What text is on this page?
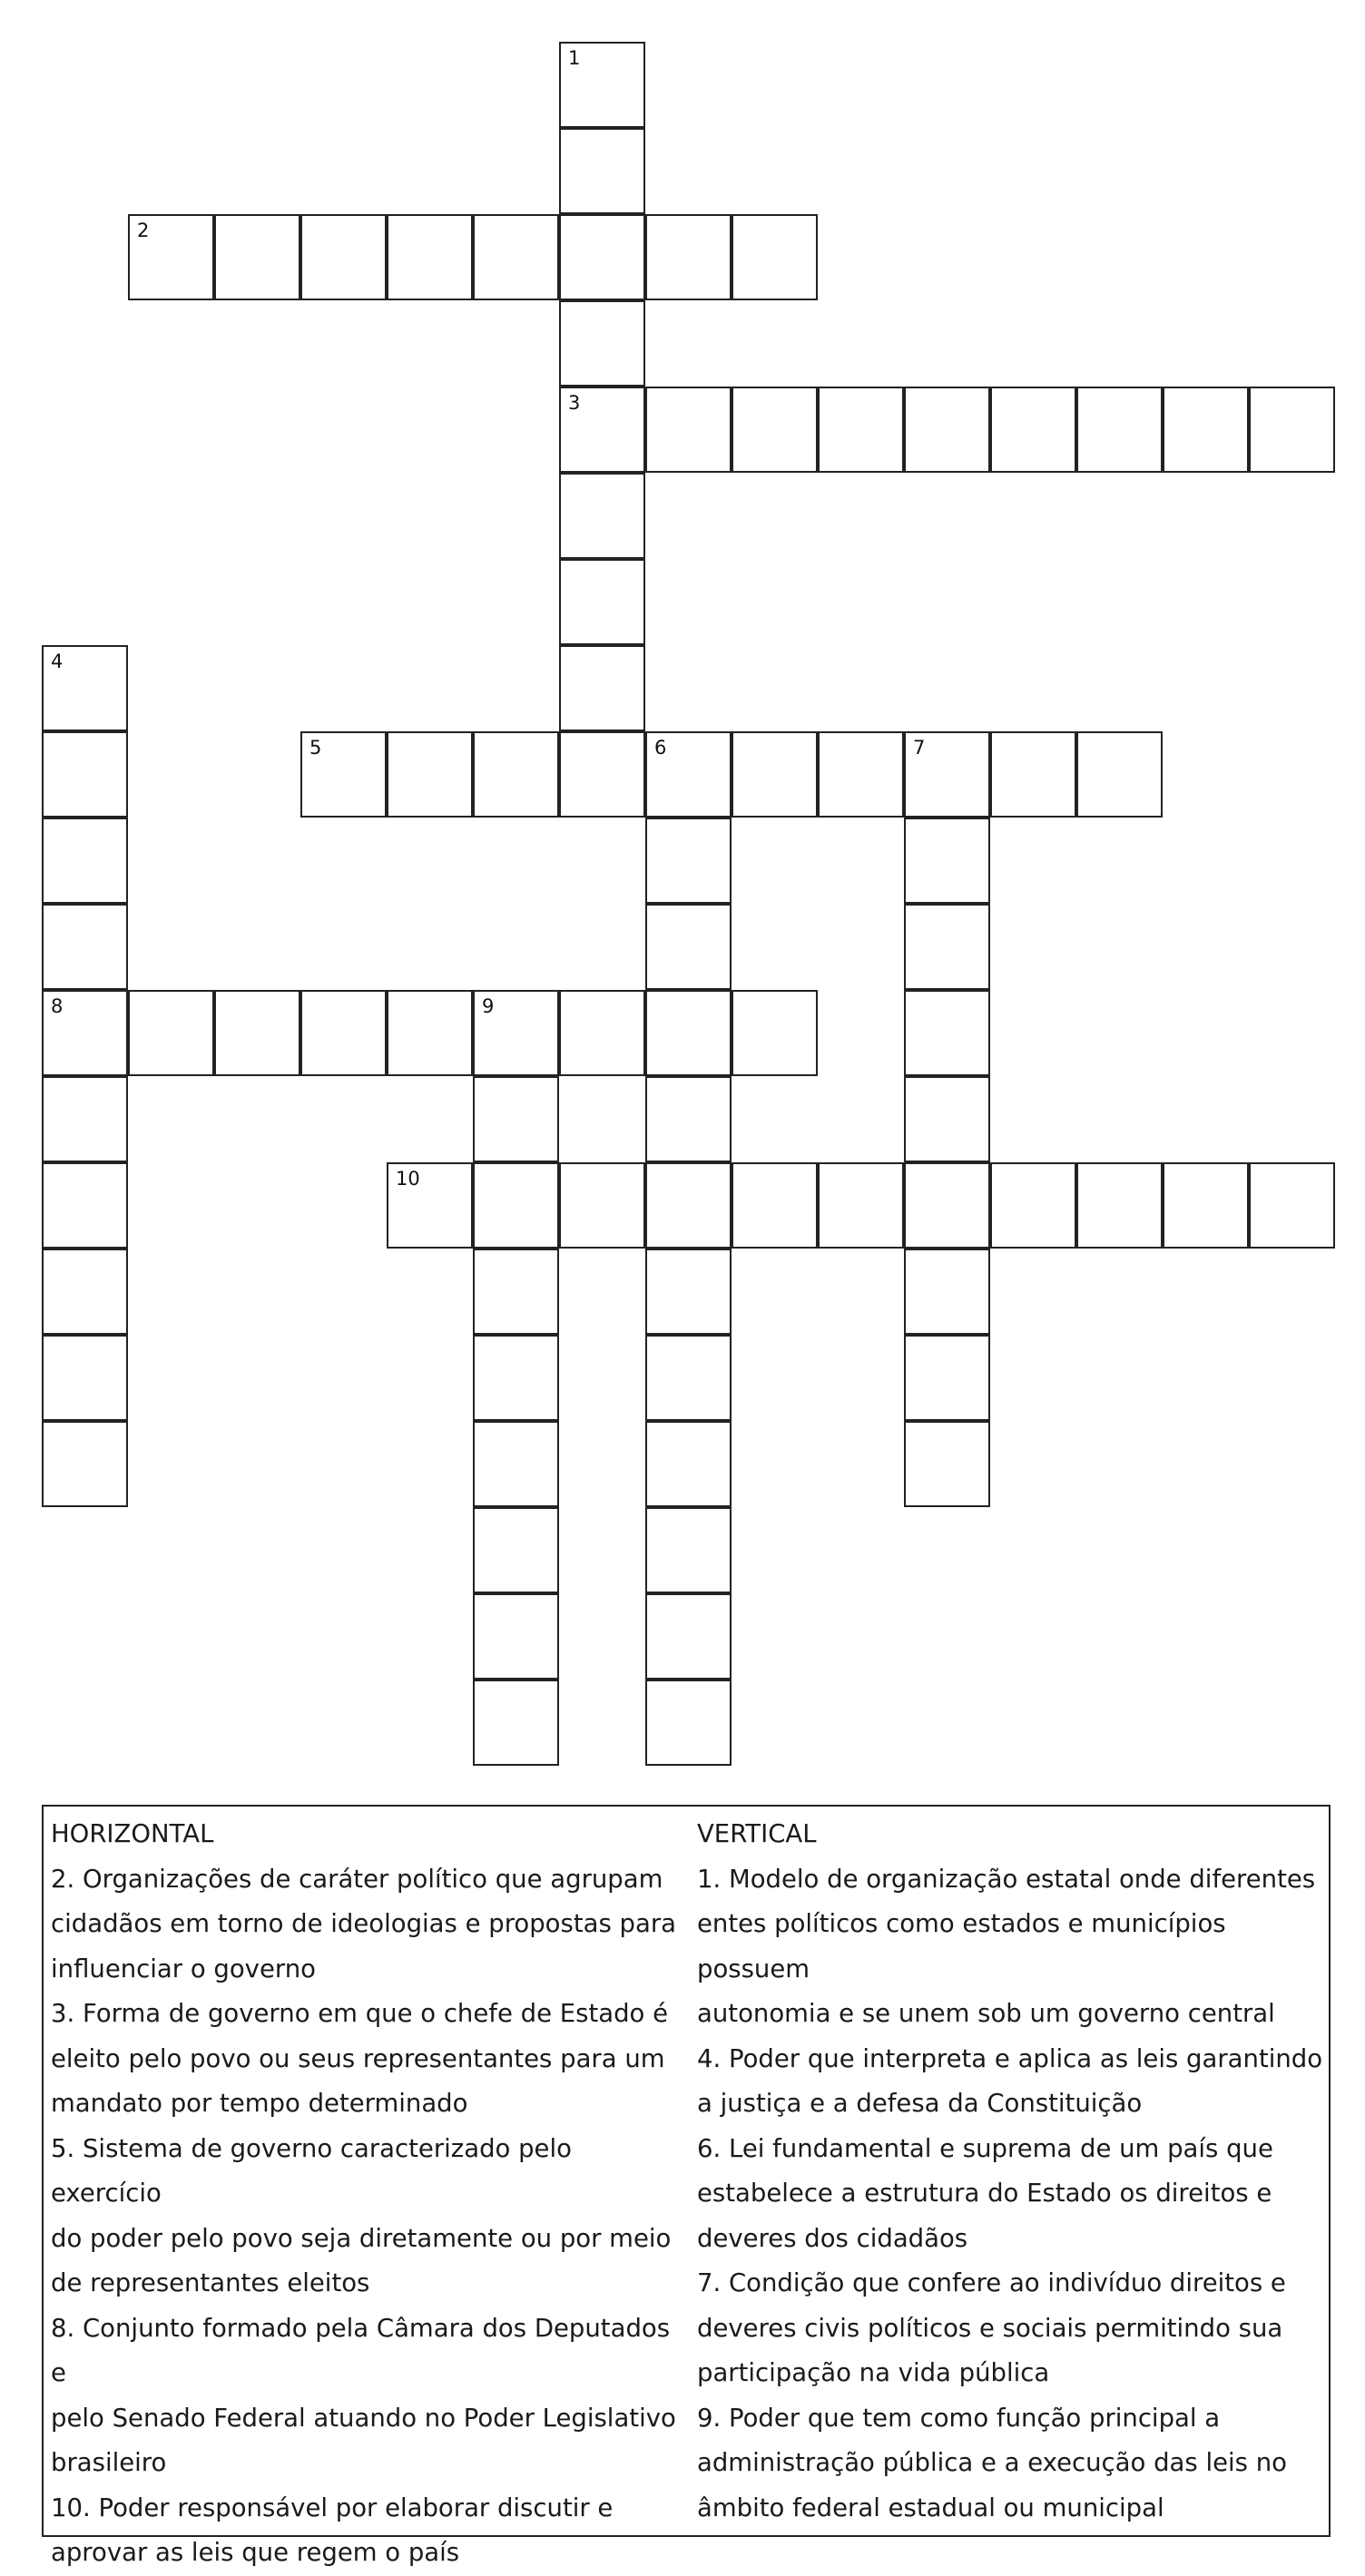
1
2
3
4
5	6	7
9
8
10
HORIZONTAL
2. Organizações de caráter político que agrupam
cidadãos em torno de ideologias e propostas para
influenciar o governo
3. Forma de governo em que o chefe de Estado é
eleito pelo povo ou seus representantes para um
mandato por tempo determinado
5. Sistema de governo caracterizado pelo exercício
do poder pelo povo seja diretamente ou por meio
de representantes eleitos
8. Conjunto formado pela Câmara dos Deputados e
pelo Senado Federal atuando no Poder Legislativo
brasileiro
10. Poder responsável por elaborar discutir e
aprovar as leis que regem o país
VERTICAL
1. Modelo de organização estatal onde diferentes
entes políticos como estados e municípios possuem
autonomia e se unem sob um governo central
4. Poder que interpreta e aplica as leis garantindo
a justiça e a defesa da Constituição
6. Lei fundamental e suprema de um país que
estabelece a estrutura do Estado os direitos e
deveres dos cidadãos
7. Condição que confere ao indivíduo direitos e
deveres civis políticos e sociais permitindo sua
participação na vida pública
9. Poder que tem como função principal a
administração pública e a execução das leis no
âmbito federal estadual ou municipal
